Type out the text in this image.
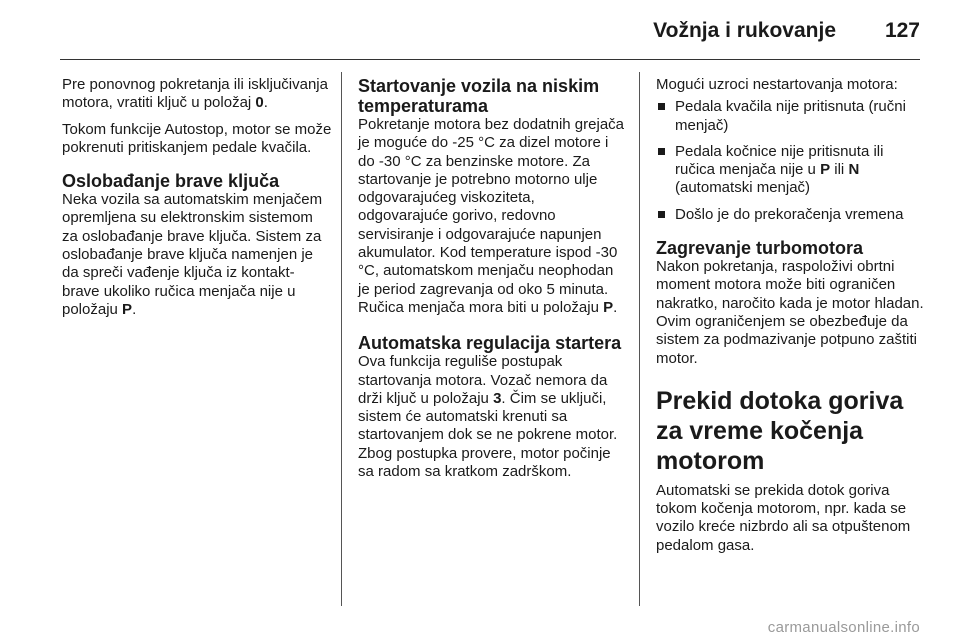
Vožnja i rukovanje 127

Pre ponovnog pokretanja ili isključivanja motora, vratiti ključ u položaj 0.

Tokom funkcije Autostop, motor se može pokrenuti pritiskanjem pedale kvačila.

Oslobađanje brave ključa

Neka vozila sa automatskim menjačem opremljena su elektronskim sistemom za oslobađanje brave ključa. Sistem za oslobađanje brave ključa namenjen je da spreči vađenje ključa iz kontakt-brave ukoliko ručica menjača nije u položaju P.

Startovanje vozila na niskim temperaturama

Pokretanje motora bez dodatnih grejača je moguće do -25 °C za dizel motore i do -30 °C za benzinske motore. Za startovanje je potrebno motorno ulje odgovarajućeg viskoziteta, odgovarajuće gorivo, redovno servisiranje i odgovarajuće napunjen akumulator. Kod temperature ispod -30 °C, automatskom menjaču neophodan je period zagrevanja od oko 5 minuta. Ručica menjača mora biti u položaju P.

Automatska regulacija startera

Ova funkcija reguliše postupak startovanja motora. Vozač nemora da drži ključ u položaju 3. Čim se uključi, sistem će automatski krenuti sa startovanjem dok se ne pokrene motor. Zbog postupka provere, motor počinje sa radom sa kratkom zadrškom.

Mogući uzroci nestartovanja motora:

Pedala kvačila nije pritisnuta (ručni menjač)
Pedala kočnice nije pritisnuta ili ručica menjača nije u P ili N (automatski menjač)
Došlo je do prekoračenja vremena
Zagrevanje turbomotora

Nakon pokretanja, raspoloživi obrtni moment motora može biti ograničen nakratko, naročito kada je motor hladan. Ovim ograničenjem se obezbeđuje da sistem za podmazivanje potpuno zaštiti motor.

Prekid dotoka goriva za vreme kočenja motorom

Automatski se prekida dotok goriva tokom kočenja motorom, npr. kada se vozilo kreće nizbrdo ali sa otpuštenom pedalom gasa.

carmanualsonline.info
